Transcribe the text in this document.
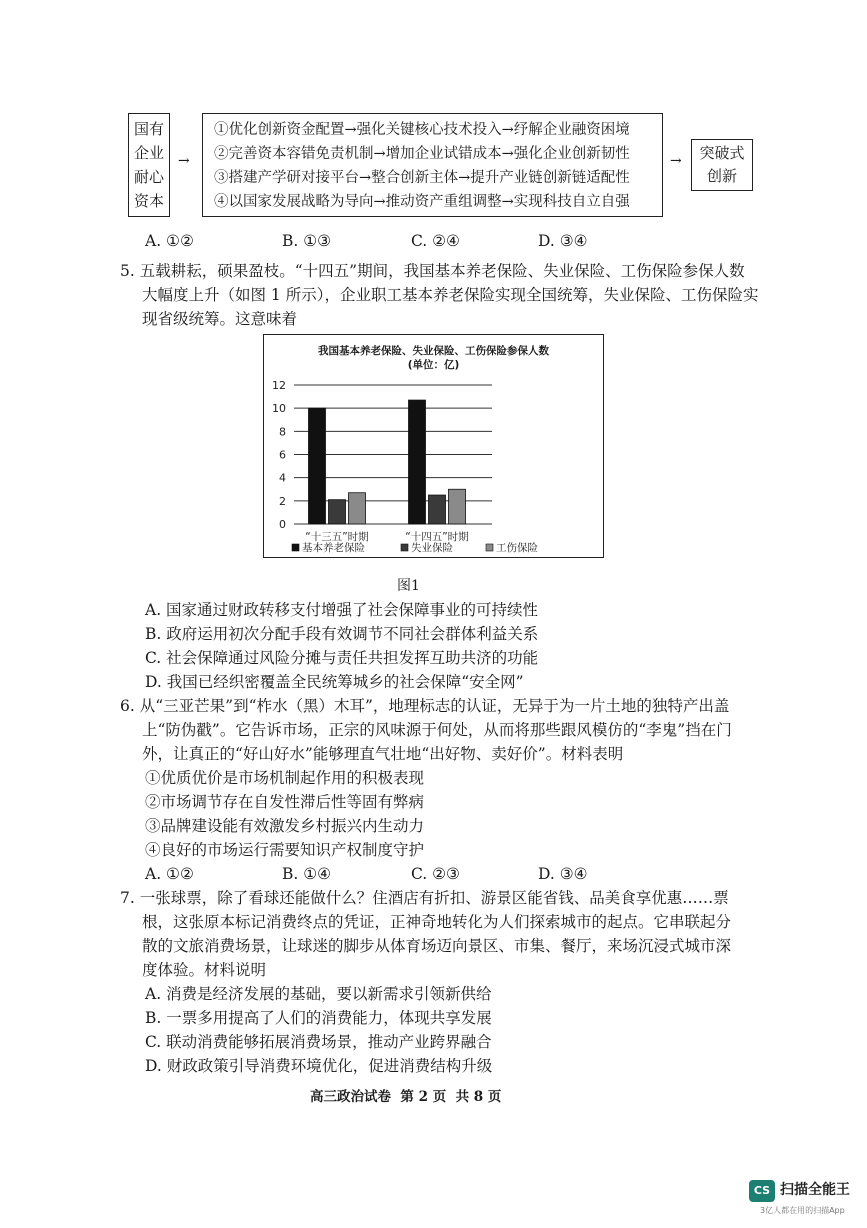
国有
企业
耐心
资本
→
①优化创新资金配置→强化关键核心技术投入→纾解企业融资困境
②完善资本容错免责机制→增加企业试错成本→强化企业创新韧性
③搭建产学研对接平台→整合创新主体→提升产业链创新链适配性
④以国家发展战略为导向→推动资产重组调整→实现科技自立自强
→	突破式
创新
A. ①②	B. ①③	C. ②④	D. ③④
5. 五载耕耘，硕果盈枝。“十四五”期间，我国基本养老保险、失业保险、工伤保险参保人数
大幅度上升（如图 1 所示），企业职工基本养老保险实现全国统筹，失业保险、工伤保险实
现省级统筹。这意味着
我国基本养老保险、失业保险、工伤保险参保人数
(单位：亿)
0
2
4
6
8
10
12
“十三五”时期	“十四五”时期
基本养老保险	失业保险	工伤保险
图1
A. 国家通过财政转移支付增强了社会保障事业的可持续性
B. 政府运用初次分配手段有效调节不同社会群体利益关系
C. 社会保障通过风险分摊与责任共担发挥互助共济的功能
D. 我国已经织密覆盖全民统筹城乡的社会保障“安全网”
6. 从“三亚芒果”到“柞水（黑）木耳”，地理标志的认证，无异于为一片土地的独特产出盖
上“防伪戳”。它告诉市场，正宗的风味源于何处，从而将那些跟风模仿的“李鬼”挡在门
外，让真正的“好山好水”能够理直气壮地“出好物、卖好价”。材料表明
①优质优价是市场机制起作用的积极表现
②市场调节存在自发性滞后性等固有弊病
③品牌建设能有效激发乡村振兴内生动力
④良好的市场运行需要知识产权制度守护
A. ①②	B. ①④	C. ②③	D. ③④
7. 一张球票，除了看球还能做什么？住酒店有折扣、游景区能省钱、品美食享优惠……票
根，这张原本标记消费终点的凭证，正神奇地转化为人们探索城市的起点。它串联起分
散的文旅消费场景，让球迷的脚步从体育场迈向景区、市集、餐厅，来场沉浸式城市深
度体验。材料说明
A. 消费是经济发展的基础，要以新需求引领新供给
B. 一票多用提高了人们的消费能力，体现共享发展
C. 联动消费能够拓展消费场景，推动产业跨界融合
D. 财政政策引导消费环境优化，促进消费结构升级
高三政治试卷  第 2 页  共 8 页
CS 扫描全能王
3亿人都在用的扫描App
